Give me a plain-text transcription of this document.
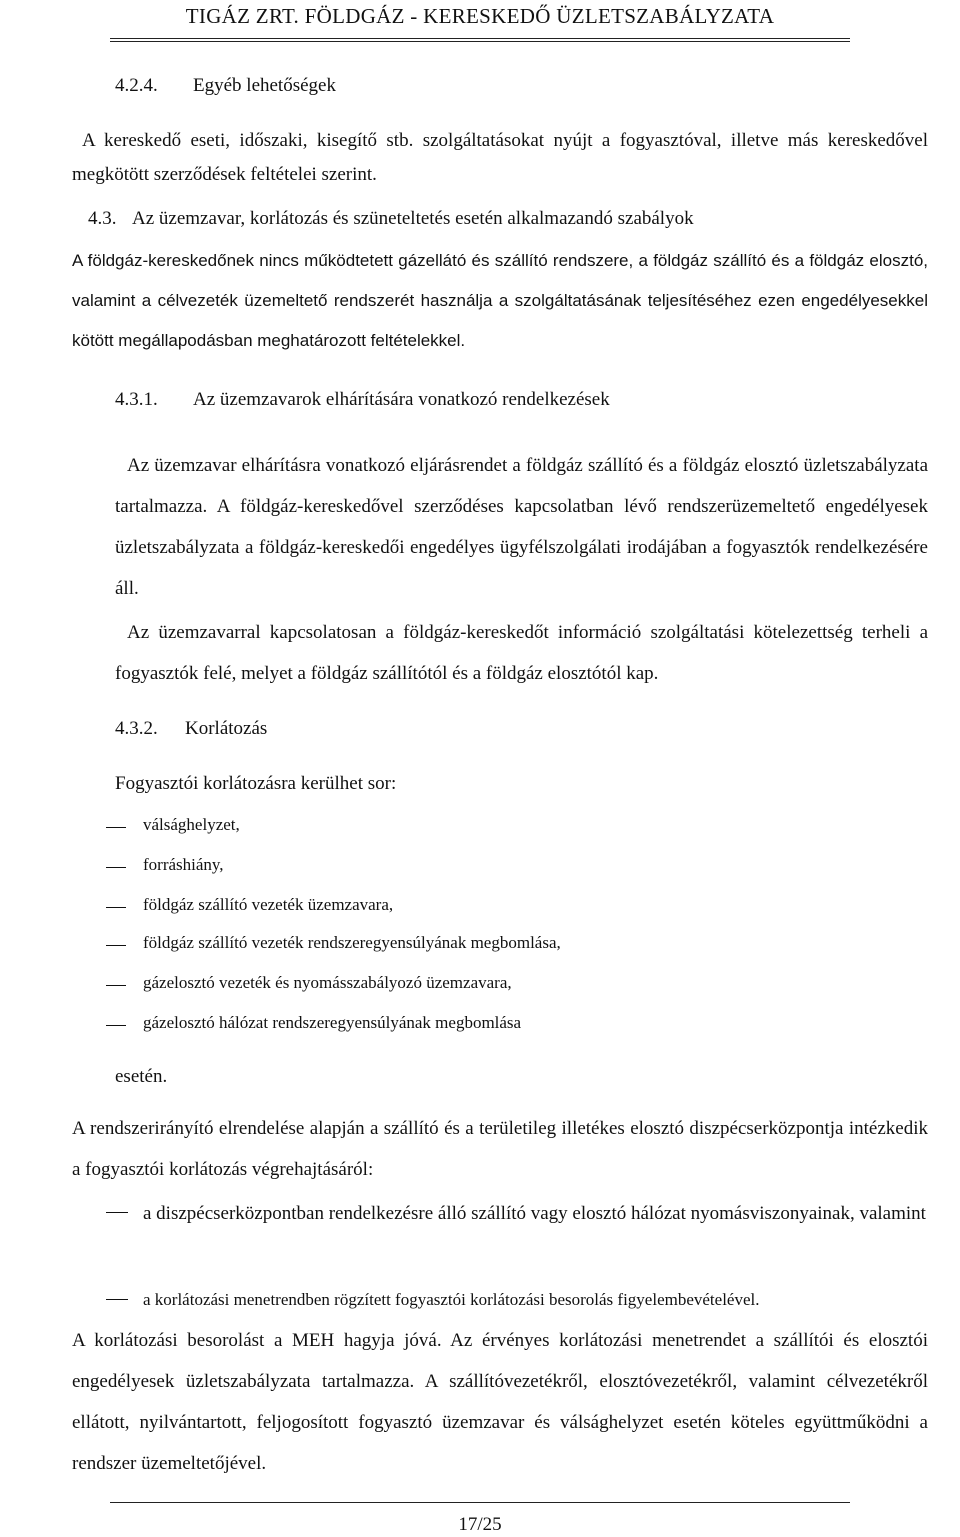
TIGÁZ ZRT. FÖLDGÁZ - KERESKEDŐ ÜZLETSZABÁLYZATA
4.2.4. Egyéb lehetőségek
A kereskedő eseti, időszaki, kisegítő stb. szolgáltatásokat nyújt a fogyasztóval, illetve más kereskedővel megkötött szerződések feltételei szerint.
4.3. Az üzemzavar, korlátozás és szüneteltetés esetén alkalmazandó szabályok
A földgáz-kereskedőnek nincs működtetett gázellátó és szállító rendszere, a földgáz szállító és a földgáz elosztó, valamint a célvezeték üzemeltető rendszerét használja a szolgáltatásának teljesítéséhez ezen engedélyesekkel kötött megállapodásban meghatározott feltételekkel.
4.3.1. Az üzemzavarok elhárítására vonatkozó rendelkezések
Az üzemzavar elhárításra vonatkozó eljárásrendet a földgáz szállító és a földgáz elosztó üzletszabályzata tartalmazza. A földgáz-kereskedővel szerződéses kapcsolatban lévő rendszerüzemeltető engedélyesek üzletszabályzata a földgáz-kereskedői engedélyes ügyfélszolgálati irodájában a fogyasztók rendelkezésére áll.
Az üzemzavarral kapcsolatosan a földgáz-kereskedőt információ szolgáltatási kötelezettség terheli a fogyasztók felé, melyet a földgáz szállítótól és a földgáz elosztótól kap.
4.3.2. Korlátozás
Fogyasztói korlátozásra kerülhet sor:
válsághelyzet,
forráshiány,
földgáz szállító vezeték üzemzavara,
földgáz szállító vezeték rendszeregyensúlyának megbomlása,
gázelosztó vezeték és nyomásszabályozó üzemzavara,
gázelosztó hálózat rendszeregyensúlyának megbomlása
esetén.
A rendszerirányító elrendelése alapján a szállító és a területileg illetékes elosztó diszpécserközpontja intézkedik a fogyasztói korlátozás végrehajtásáról:
a diszpécserközpontban rendelkezésre álló szállító vagy elosztó hálózat nyomásviszonyainak, valamint
a korlátozási menetrendben rögzített fogyasztói korlátozási besorolás figyelembevételével.
A korlátozási besorolást a MEH hagyja jóvá. Az érvényes korlátozási menetrendet a szállítói és elosztói engedélyesek üzletszabályzata tartalmazza. A szállítóvezetékről, elosztóvezetékről, valamint célvezetékről ellátott, nyilvántartott, feljogosított fogyasztó üzemzavar és válsághelyzet esetén köteles együttműködni a rendszer üzemeltetőjével.
17/25
